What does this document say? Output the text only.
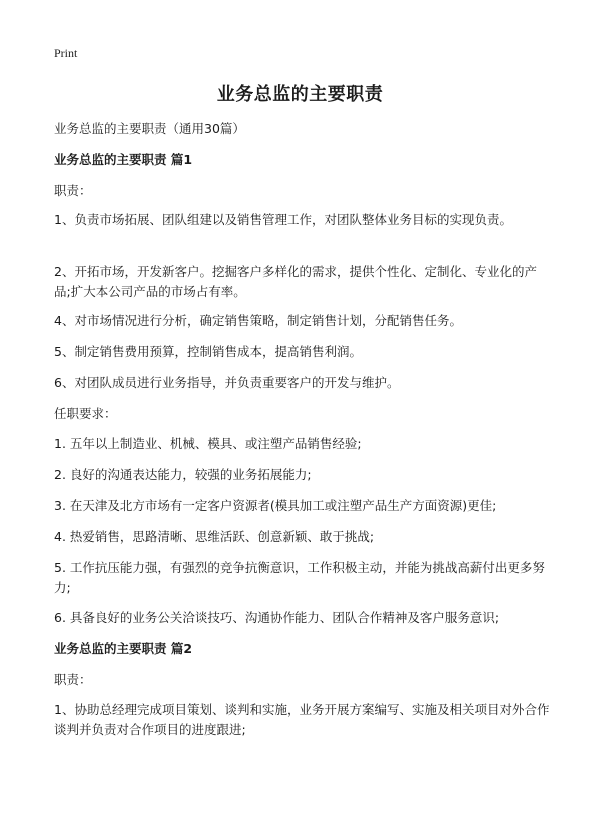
Print
业务总监的主要职责
业务总监的主要职责（通用30篇）
业务总监的主要职责 篇1
职责：
1、负责市场拓展、团队组建以及销售管理工作，对团队整体业务目标的实现负责。
2、开拓市场，开发新客户。挖掘客户多样化的需求，提供个性化、定制化、专业化的产品;扩大本公司产品的市场占有率。
4、对市场情况进行分析，确定销售策略，制定销售计划，分配销售任务。
5、制定销售费用预算，控制销售成本，提高销售利润。
6、对团队成员进行业务指导，并负责重要客户的开发与维护。
任职要求：
1. 五年以上制造业、机械、模具、或注塑产品销售经验;
2. 良好的沟通表达能力，较强的业务拓展能力;
3. 在天津及北方市场有一定客户资源者(模具加工或注塑产品生产方面资源)更佳;
4. 热爱销售，思路清晰、思维活跃、创意新颖、敢于挑战;
5. 工作抗压能力强，有强烈的竞争抗衡意识，工作积极主动，并能为挑战高薪付出更多努力;
6. 具备良好的业务公关洽谈技巧、沟通协作能力、团队合作精神及客户服务意识;
业务总监的主要职责 篇2
职责：
1、协助总经理完成项目策划、谈判和实施，业务开展方案编写、实施及相关项目对外合作谈判并负责对合作项目的进度跟进;
